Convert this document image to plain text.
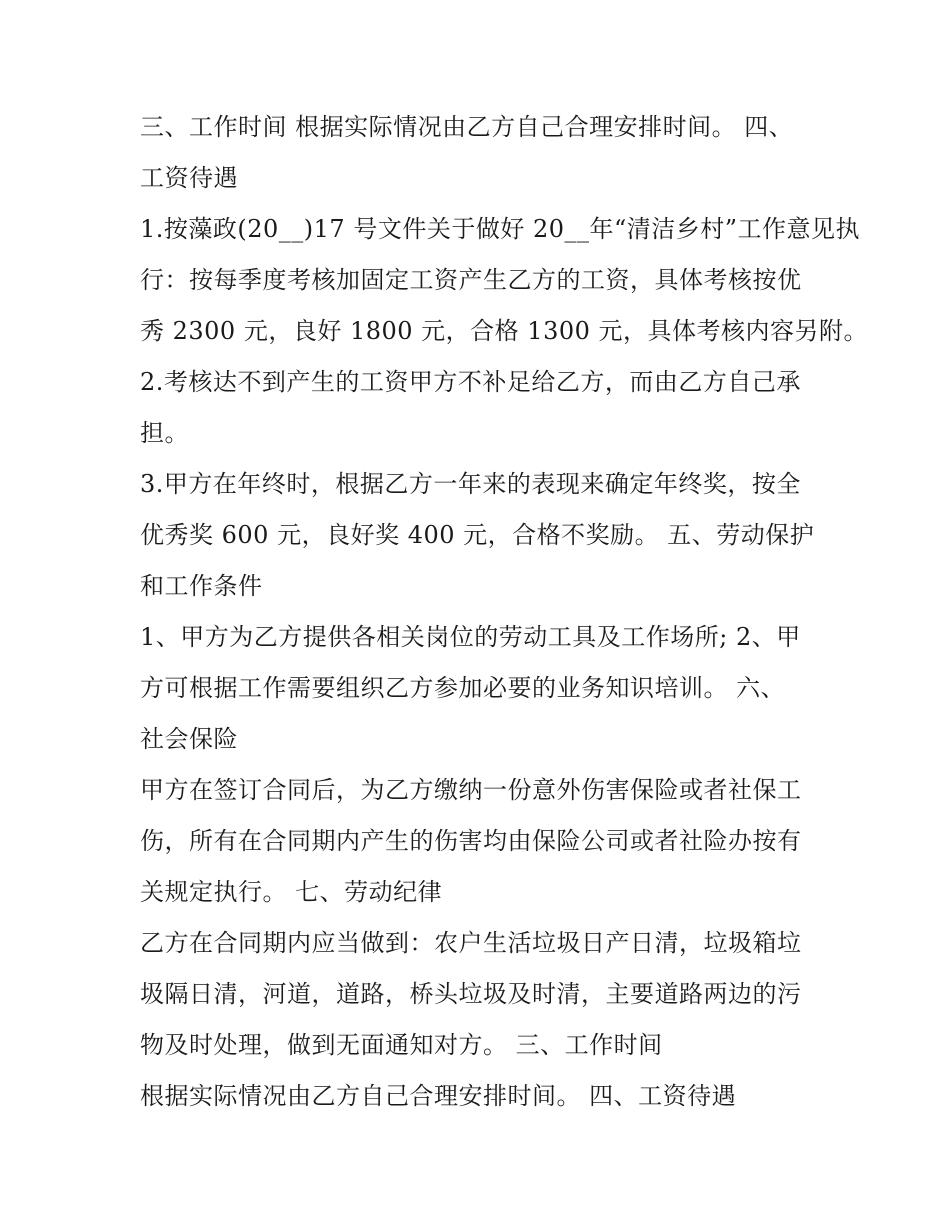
三、工作时间 根据实际情况由乙方自己合理安排时间。 四、
工资待遇
1.按藻政(20__)17 号文件关于做好 20__年“清洁乡村”工作意见执
行：按每季度考核加固定工资产生乙方的工资，具体考核按优
秀 2300 元，良好 1800 元，合格 1300 元，具体考核内容另附。
2.考核达不到产生的工资甲方不补足给乙方，而由乙方自己承
担。
3.甲方在年终时，根据乙方一年来的表现来确定年终奖，按全
优秀奖 600 元，良好奖 400 元，合格不奖励。 五、劳动保护
和工作条件
1、甲方为乙方提供各相关岗位的劳动工具及工作场所; 2、甲
方可根据工作需要组织乙方参加必要的业务知识培训。 六、
社会保险
甲方在签订合同后，为乙方缴纳一份意外伤害保险或者社保工
伤，所有在合同期内产生的伤害均由保险公司或者社险办按有
关规定执行。 七、劳动纪律
乙方在合同期内应当做到：农户生活垃圾日产日清，垃圾箱垃
圾隔日清，河道，道路，桥头垃圾及时清，主要道路两边的污
物及时处理，做到无面通知对方。 三、工作时间
根据实际情况由乙方自己合理安排时间。 四、工资待遇
